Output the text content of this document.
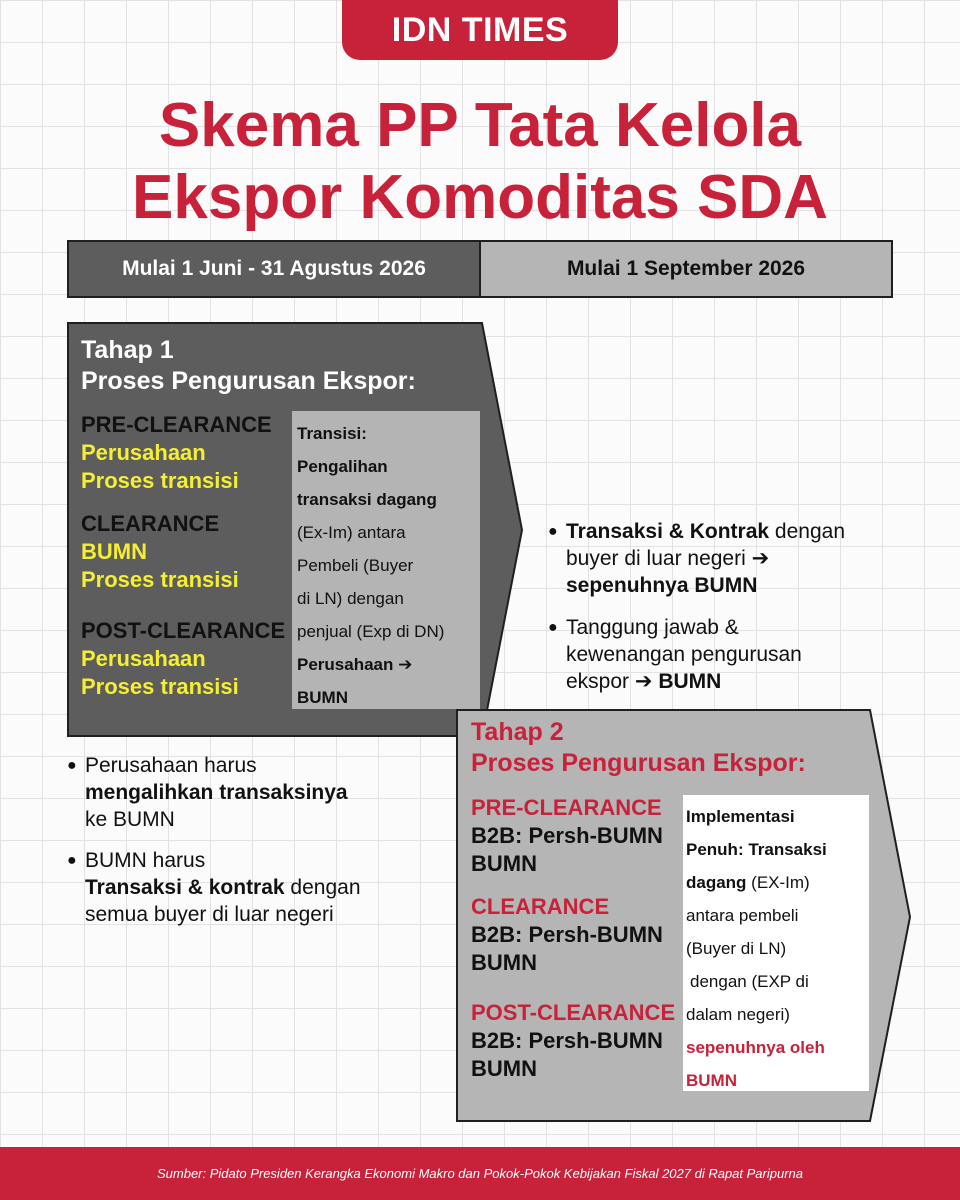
IDN TIMES
Skema PP Tata Kelola
Ekspor Komoditas SDA
Mulai 1 Juni - 31 Agustus 2026	Mulai 1 September 2026
Tahap 1
Proses Pengurusan Ekspor:
PRE-CLEARANCE
Perusahaan
Proses transisi
CLEARANCE
BUMN
Proses transisi
POST-CLEARANCE
Perusahaan
Proses transisi
Transisi:
Pengalihan
transaksi dagang
(Ex-Im) antara
Pembeli (Buyer
di LN) dengan
penjual (Exp di DN)
Perusahaan ➔
BUMN
● Transaksi & Kontrak dengan
buyer di luar negeri ➔
sepenuhnya BUMN
● Tanggung jawab &
kewenangan pengurusan
ekspor ➔ BUMN
● Perusahaan harus
mengalihkan transaksinya
ke BUMN
● BUMN harus
Transaksi & kontrak dengan
semua buyer di luar negeri
Tahap 2
Proses Pengurusan Ekspor:
PRE-CLEARANCE
B2B: Persh-BUMN
BUMN
CLEARANCE
B2B: Persh-BUMN
BUMN
POST-CLEARANCE
B2B: Persh-BUMN
BUMN
Implementasi
Penuh: Transaksi
dagang (EX-Im)
antara pembeli
(Buyer di LN)
dengan (EXP di
dalam negeri)
sepenuhnya oleh
BUMN
Sumber: Pidato Presiden Kerangka Ekonomi Makro dan Pokok-Pokok Kebijakan Fiskal 2027 di Rapat Paripurna
